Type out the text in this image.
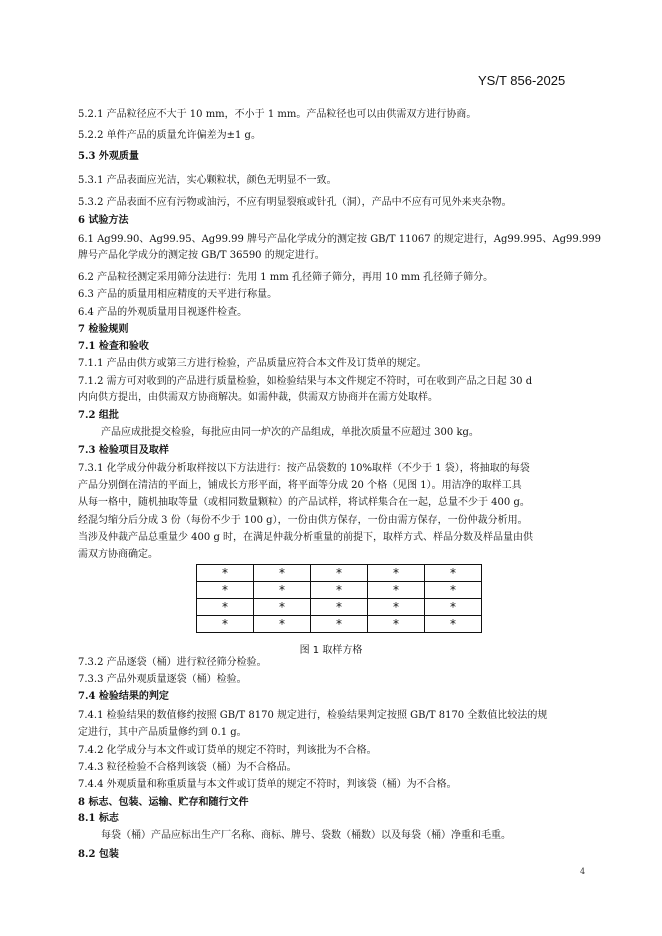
YS/T 856-2025
5.2.1 产品粒径应不大于 10 mm，不小于 1 mm。产品粒径也可以由供需双方进行协商。
5.2.2 单件产品的质量允许偏差为±1 g。
5.3 外观质量
5.3.1 产品表面应光洁，实心颗粒状，颜色无明显不一致。
5.3.2 产品表面不应有污物或油污，不应有明显裂痕或针孔（洞），产品中不应有可见外来夹杂物。
6 试验方法
6.1 Ag99.90、Ag99.95、Ag99.99 牌号产品化学成分的测定按 GB/T 11067 的规定进行，Ag99.995、Ag99.999
牌号产品化学成分的测定按 GB/T 36590 的规定进行。
6.2 产品粒径测定采用筛分法进行：先用 1 mm 孔径筛子筛分，再用 10 mm 孔径筛子筛分。
6.3 产品的质量用相应精度的天平进行称量。
6.4 产品的外观质量用目视逐件检查。
7 检验规则
7.1 检查和验收
7.1.1 产品由供方或第三方进行检验，产品质量应符合本文件及订货单的规定。
7.1.2 需方可对收到的产品进行质量检验，如检验结果与本文件规定不符时，可在收到产品之日起 30 d
内向供方提出，由供需双方协商解决。如需仲裁，供需双方协商并在需方处取样。
7.2 组批
产品应成批提交检验，每批应由同一炉次的产品组成，单批次质量不应超过 300 kg。
7.3 检验项目及取样
7.3.1 化学成分仲裁分析取样按以下方法进行：按产品袋数的 10%取样（不少于 1 袋），将抽取的每袋
产品分别倒在清洁的平面上，铺成长方形平面，将平面等分成 20 个格（见图 1）。用洁净的取样工具
从每一格中，随机抽取等量（或相同数量颗粒）的产品试样，将试样集合在一起，总量不少于 400 g。
经混匀缩分后分成 3 份（每份不少于 100 g），一份由供方保存，一份由需方保存，一份仲裁分析用。
当涉及仲裁产品总重量少 400 g 时，在满足仲裁分析重量的前提下，取样方式、样品分数及样品量由供
需双方协商确定。
*	*	*	*	*
*	*	*	*	*
*	*	*	*	*
*	*	*	*	*
图 1 取样方格
7.3.2 产品逐袋（桶）进行粒径筛分检验。
7.3.3 产品外观质量逐袋（桶）检验。
7.4 检验结果的判定
7.4.1 检验结果的数值修约按照 GB/T 8170 规定进行，检验结果判定按照 GB/T 8170 全数值比较法的规
定进行，其中产品质量修约到 0.1 g。
7.4.2 化学成分与本文件或订货单的规定不符时，判该批为不合格。
7.4.3 粒径检验不合格判该袋（桶）为不合格品。
7.4.4 外观质量和称重质量与本文件或订货单的规定不符时，判该袋（桶）为不合格。
8 标志、包装、运输、贮存和随行文件
8.1 标志
每袋（桶）产品应标出生产厂名称、商标、牌号、袋数（桶数）以及每袋（桶）净重和毛重。
8.2 包装
4
